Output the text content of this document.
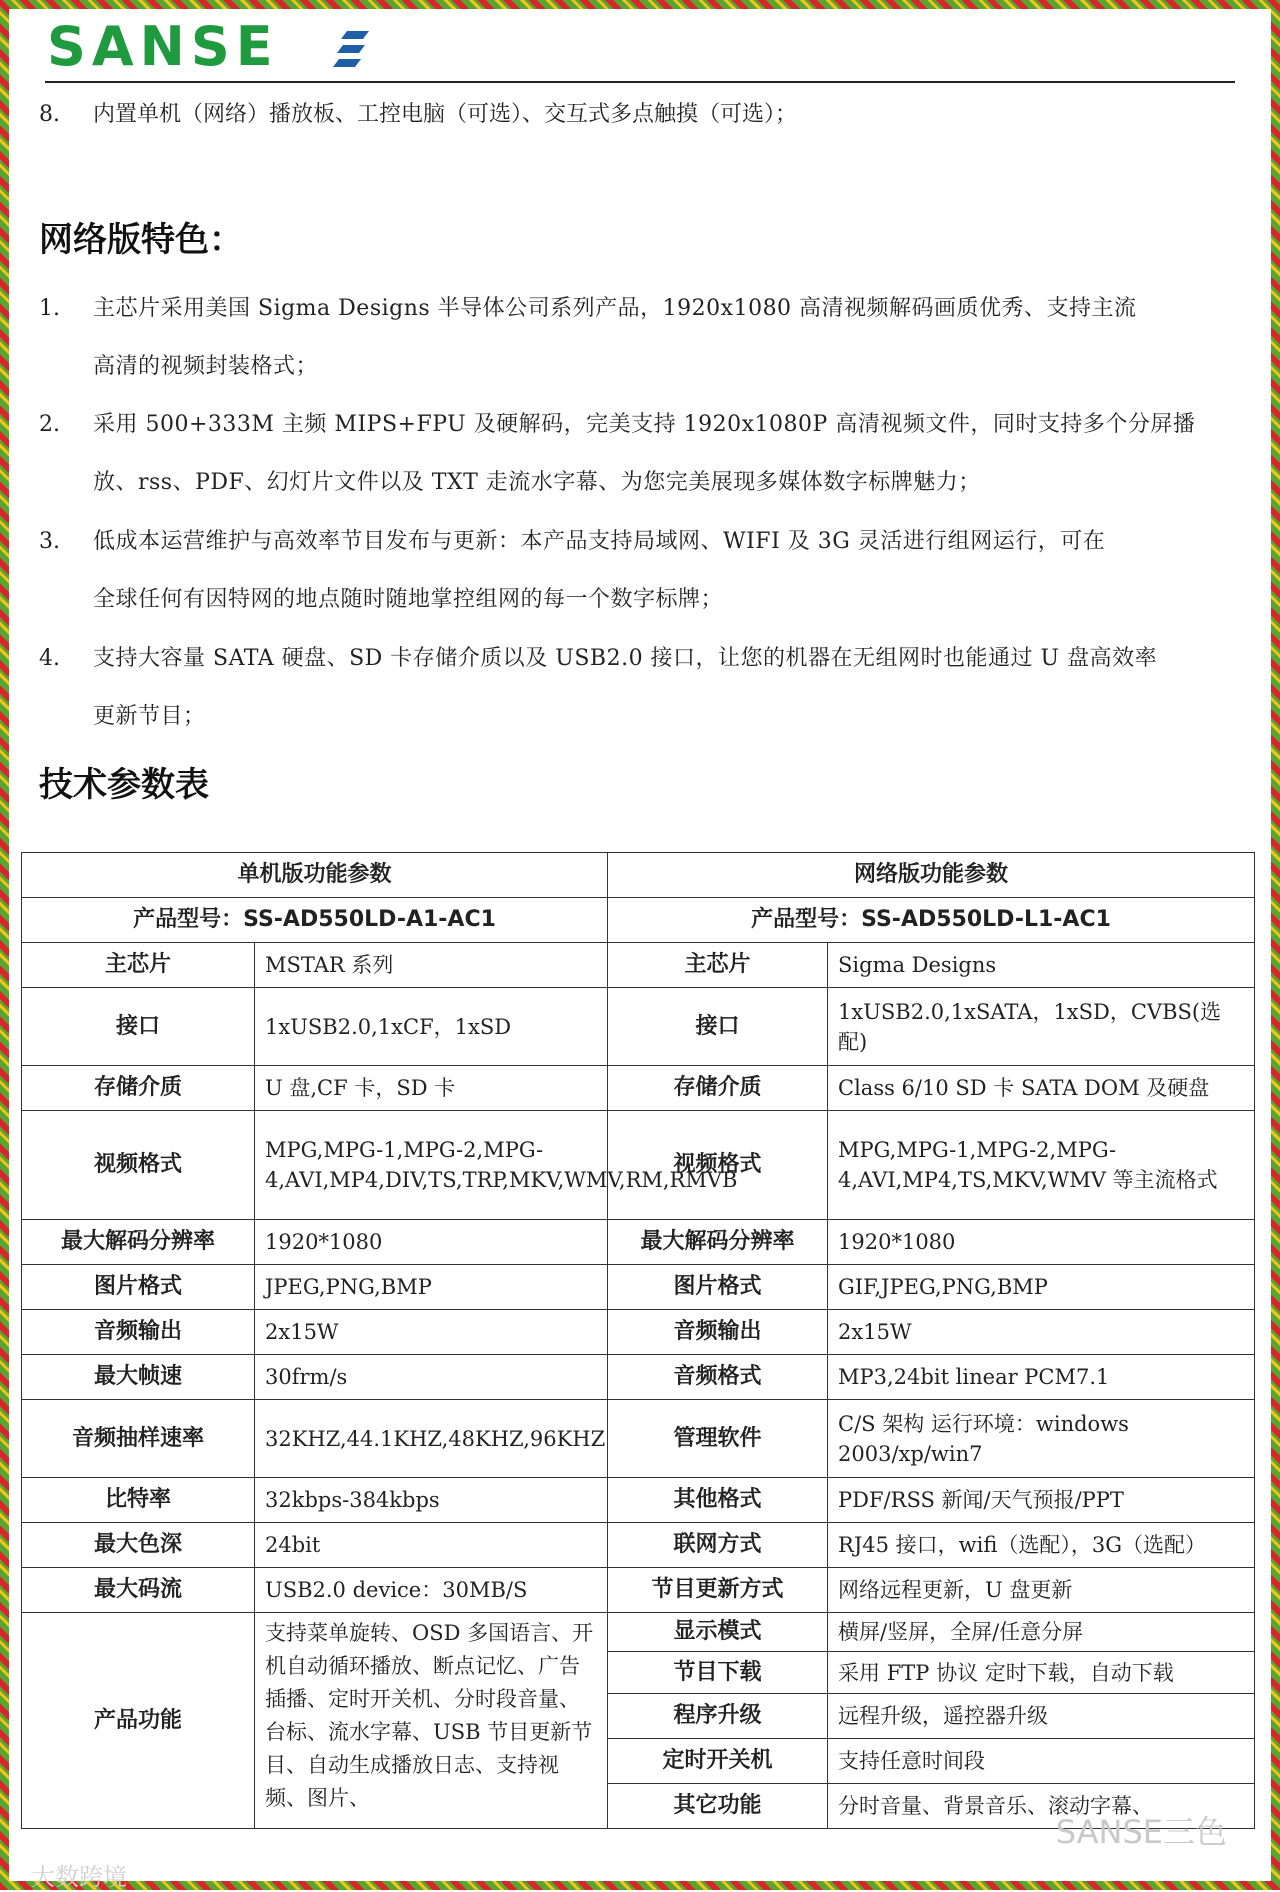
SANSE
8. 内置单机（网络）播放板、工控电脑（可选）、交互式多点触摸（可选）；
网络版特色：
1. 主芯片采用美国 Sigma Designs 半导体公司系列产品，1920x1080 高清视频解码画质优秀、支持主流
高清的视频封装格式；
2. 采用 500+333M 主频 MIPS+FPU 及硬解码，完美支持 1920x1080P 高清视频文件，同时支持多个分屏播
放、rss、PDF、幻灯片文件以及 TXT 走流水字幕、为您完美展现多媒体数字标牌魅力；
3. 低成本运营维护与高效率节目发布与更新：本产品支持局域网、WIFI 及 3G 灵活进行组网运行，可在
全球任何有因特网的地点随时随地掌控组网的每一个数字标牌；
4. 支持大容量 SATA 硬盘、SD 卡存储介质以及 USB2.0 接口，让您的机器在无组网时也能通过 U 盘高效率
更新节目；
技术参数表
单机版功能参数		网络版功能参数	
产品型号：SS-AD550LD-A1-AC1		产品型号：SS-AD550LD-L1-AC1	
主芯片	MSTAR 系列	主芯片	Sigma Designs
接口	1xUSB2.0,1xCF，1xSD	接口	1xUSB2.0,1xSATA，1xSD，CVBS(选配)
存储介质	U 盘,CF 卡，SD 卡	存储介质	Class 6/10 SD 卡 SATA DOM 及硬盘
视频格式	MPG,MPG-1,MPG-2,MPG-4,AVI,MP4,DIV,TS,TRP,MKV,WMV,RM,RMVB	视频格式	MPG,MPG-1,MPG-2,MPG-4,AVI,MP4,TS,MKV,WMV 等主流格式
最大解码分辨率	1920*1080	最大解码分辨率	1920*1080
图片格式	JPEG,PNG,BMP	图片格式	GIF,JPEG,PNG,BMP
音频输出	2x15W	音频输出	2x15W
最大帧速	30frm/s	音频格式	MP3,24bit linear PCM7.1
音频抽样速率	32KHZ,44.1KHZ,48KHZ,96KHZ	管理软件	C/S 架构 运行环境：windows 2003/xp/win7
比特率	32kbps-384kbps	其他格式	PDF/RSS 新闻/天气预报/PPT
最大色深	24bit	联网方式	RJ45 接口，wifi（选配），3G（选配）
最大码流	USB2.0 device：30MB/S	节目更新方式	网络远程更新，U 盘更新
产品功能	支持菜单旋转、OSD 多国语言、开机自动循环播放、断点记忆、广告插播、定时开关机、分时段音量、台标、流水字幕、USB 节目更新节目、自动生成播放日志、支持视频、图片、	显示模式	横屏/竖屏，全屏/任意分屏
		节目下载	采用 FTP 协议 定时下载，自动下载
		程序升级	远程升级，遥控器升级
		定时开关机	支持任意时间段
		其它功能	分时音量、背景音乐、滚动字幕、
大数跨境
SANSE三色
